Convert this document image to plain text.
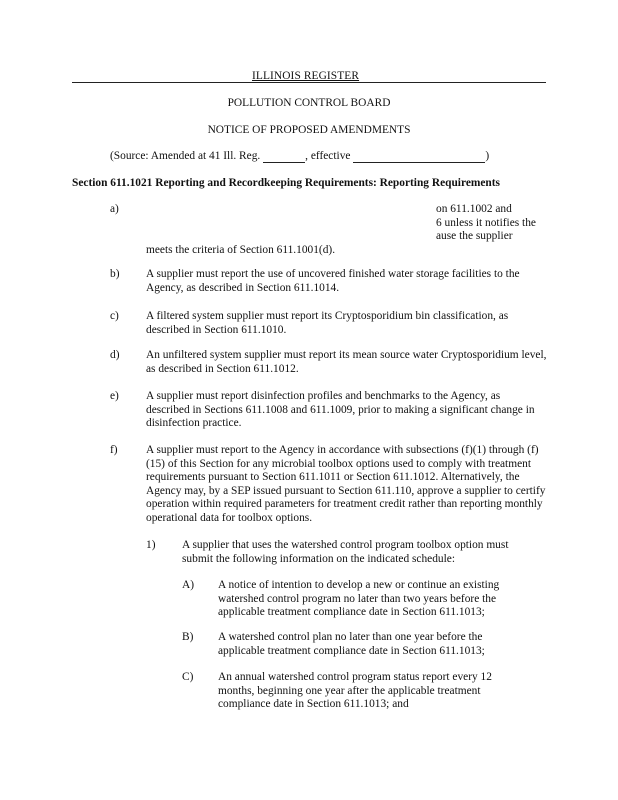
ILLINOIS REGISTER
POLLUTION CONTROL BOARD
NOTICE OF PROPOSED AMENDMENTS
(Source: Amended at 41 Ill. Reg.	, effective	)
Section 611.1021 Reporting and Recordkeeping Requirements: Reporting Requirements
a)	on 611.1002 and
6 unless it notifies the
ause the supplier
meets the criteria of Section 611.1001(d).
b) A supplier must report the use of uncovered finished water storage facilities to the Agency, as described in Section 611.1014.
c) A filtered system supplier must report its Cryptosporidium bin classification, as described in Section 611.1010.
d) An unfiltered system supplier must report its mean source water Cryptosporidium level, as described in Section 611.1012.
e) A supplier must report disinfection profiles and benchmarks to the Agency, as described in Sections 611.1008 and 611.1009, prior to making a significant change in disinfection practice.
f) A supplier must report to the Agency in accordance with subsections (f)(1) through (f)(15) of this Section for any microbial toolbox options used to comply with treatment requirements pursuant to Section 611.1011 or Section 611.1012. Alternatively, the Agency may, by a SEP issued pursuant to Section 611.110, approve a supplier to certify operation within required parameters for treatment credit rather than reporting monthly operational data for toolbox options.
1) A supplier that uses the watershed control program toolbox option must submit the following information on the indicated schedule:
A) A notice of intention to develop a new or continue an existing watershed control program no later than two years before the applicable treatment compliance date in Section 611.1013;
B) A watershed control plan no later than one year before the applicable treatment compliance date in Section 611.1013;
C) An annual watershed control program status report every 12 months, beginning one year after the applicable treatment compliance date in Section 611.1013; and
